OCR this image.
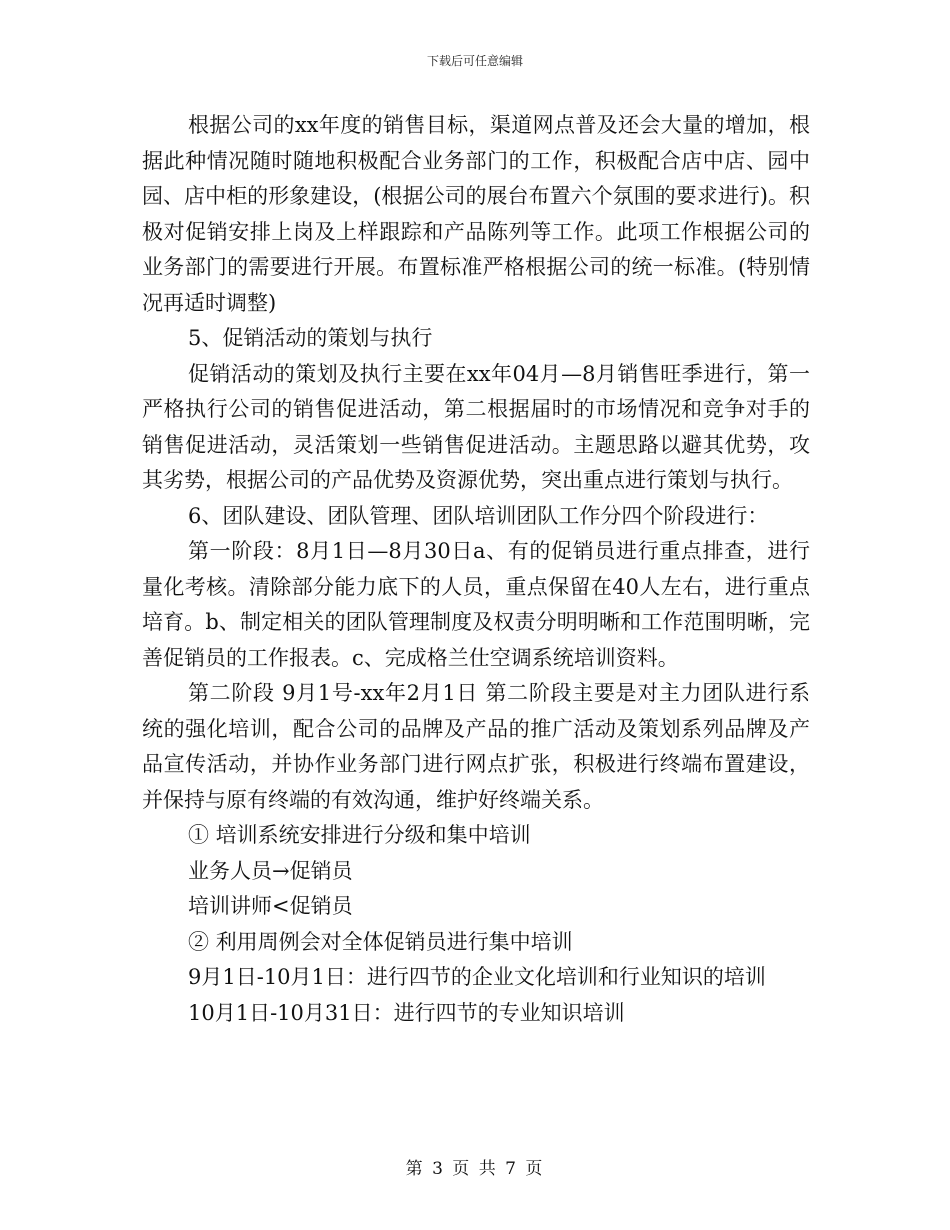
下载后可任意编辑

根据公司的xx年度的销售目标，渠道网点普及还会大量的增加，根据此种情况随时随地积极配合业务部门的工作，积极配合店中店、园中园、店中柜的形象建设，(根据公司的展台布置六个氛围的要求进行)。积极对促销安排上岗及上样跟踪和产品陈列等工作。此项工作根据公司的业务部门的需要进行开展。布置标准严格根据公司的统一标准。(特别情况再适时调整)

5、促销活动的策划与执行

促销活动的策划及执行主要在xx年04月—8月销售旺季进行，第一严格执行公司的销售促进活动，第二根据届时的市场情况和竞争对手的销售促进活动，灵活策划一些销售促进活动。主题思路以避其优势，攻其劣势，根据公司的产品优势及资源优势，突出重点进行策划与执行。

6、团队建设、团队管理、团队培训团队工作分四个阶段进行：

第一阶段：8月1日—8月30日a、有的促销员进行重点排查，进行量化考核。清除部分能力底下的人员，重点保留在40人左右，进行重点培育。b、制定相关的团队管理制度及权责分明明晰和工作范围明晰，完善促销员的工作报表。c、完成格兰仕空调系统培训资料。

第二阶段 9月1号-xx年2月1日 第二阶段主要是对主力团队进行系统的强化培训，配合公司的品牌及产品的推广活动及策划系列品牌及产品宣传活动，并协作业务部门进行网点扩张，积极进行终端布置建设，并保持与原有终端的有效沟通，维护好终端关系。

① 培训系统安排进行分级和集中培训

业务人员→促销员

培训讲师<促销员

② 利用周例会对全体促销员进行集中培训

9月1日-10月1日：进行四节的企业文化培训和行业知识的培训

10月1日-10月31日：进行四节的专业知识培训

第 3 页 共 7 页
